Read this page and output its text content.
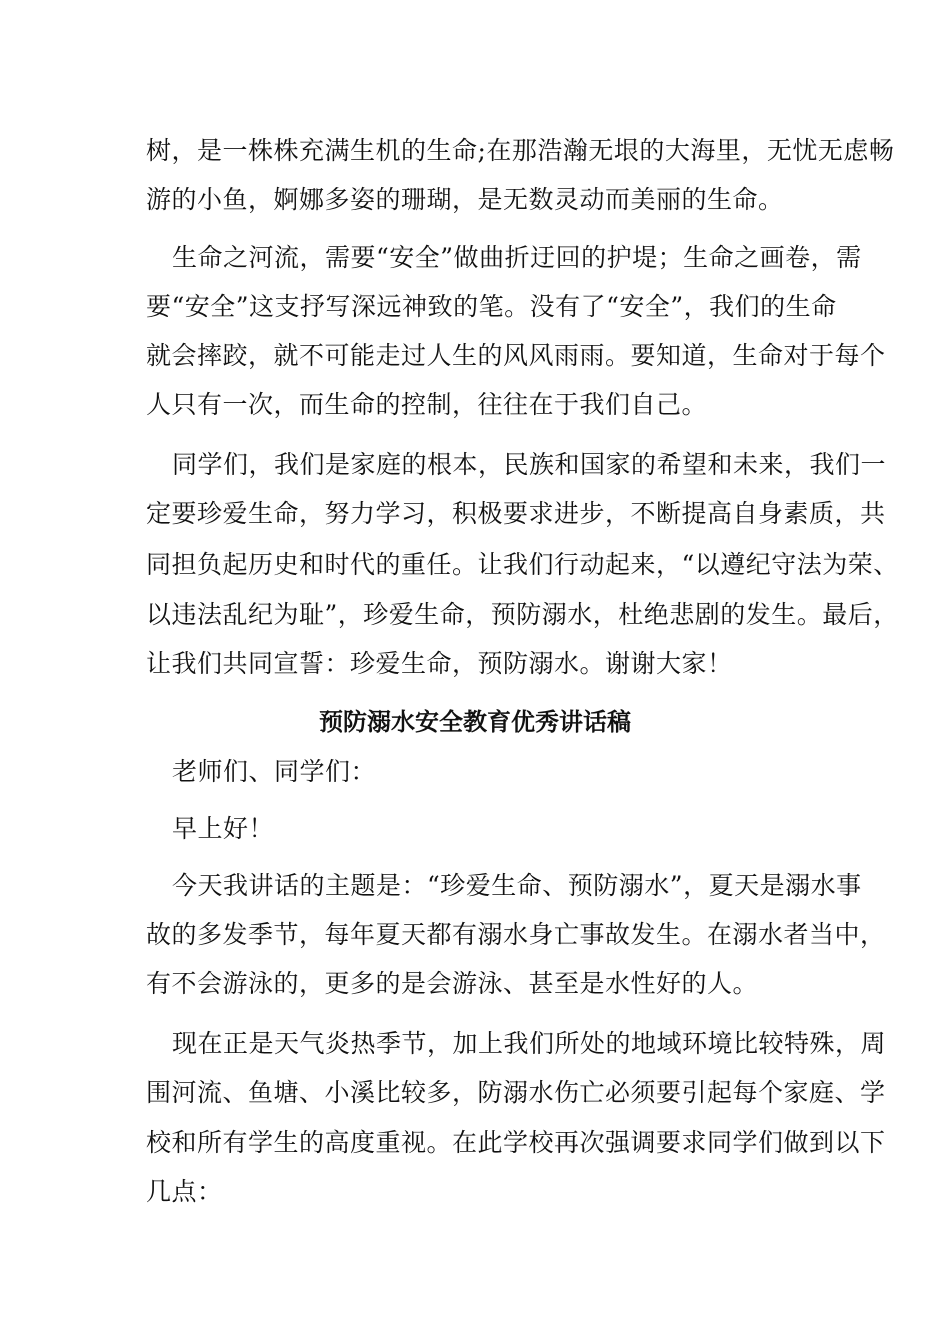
树，是一株株充满生机的生命;在那浩瀚无垠的大海里，无忧无虑畅

游的小鱼，婀娜多姿的珊瑚，是无数灵动而美丽的生命。

生命之河流，需要“安全”做曲折迂回的护堤；生命之画卷，需

要“安全”这支抒写深远神致的笔。没有了“安全”，我们的生命

就会摔跤，就不可能走过人生的风风雨雨。要知道，生命对于每个

人只有一次，而生命的控制，往往在于我们自己。

同学们，我们是家庭的根本，民族和国家的希望和未来，我们一

定要珍爱生命，努力学习，积极要求进步，不断提高自身素质，共

同担负起历史和时代的重任。让我们行动起来，“以遵纪守法为荣、

以违法乱纪为耻”，珍爱生命，预防溺水，杜绝悲剧的发生。最后，

让我们共同宣誓：珍爱生命，预防溺水。谢谢大家！

预防溺水安全教育优秀讲话稿

老师们、同学们：

早上好！

今天我讲话的主题是：“珍爱生命、预防溺水”，夏天是溺水事

故的多发季节，每年夏天都有溺水身亡事故发生。在溺水者当中，

有不会游泳的，更多的是会游泳、甚至是水性好的人。

现在正是天气炎热季节，加上我们所处的地域环境比较特殊，周

围河流、鱼塘、小溪比较多，防溺水伤亡必须要引起每个家庭、学

校和所有学生的高度重视。在此学校再次强调要求同学们做到以下

几点：
